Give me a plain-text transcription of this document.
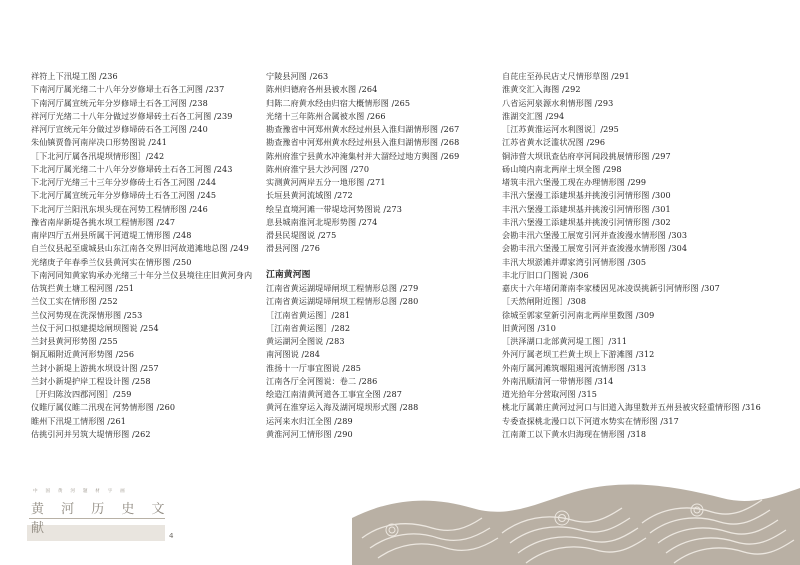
祥符上下汛堤工图 /236
下南河厅属光绪二十八年分岁修埽土石各工河图 /237
下南河厅属宣统元年分岁修埽土石各工河图 /238
祥河厅光绪二十八年分做过岁修埽砖土石各工河图 /239
祥河厅宣统元年分做过岁修埽砖石各工河图 /240
朱仙镇贾鲁河南岸决口形势图说 /241
［下北河厅属各汛堤坝情形图］/242
下北河厅属光绪二十八年分岁修埽砖土石各工河图 /243
下北河厅光绪三十三年分岁修砖土石各工河图 /244
下北河厅属宣统元年分岁修埽砖土石各工河图 /245
下北河厅兰阳汛东坝头现在河势工程情形图 /246
豫省南岸新堤各挑水坝工程情形图 /247
南岸四厅五州县所属干河道堤工情形图 /248
自兰仪县起至虞城县山东江南各交界旧河故道滩地总图 /249
光绪庚子年春季兰仪县黄河实在情形图 /250
下南河同知黄家钩承办光绪三十年分兰仪县境往庄旧黄河身内
估筑拦黄土塘工程河图 /251
兰仪工实在情形图 /252
兰仪河势现在洗深情形图 /253
兰仪于河口拟建提埝闸坝图说 /254
兰封县黄河形势图 /255
铜瓦厢附近黄河形势图 /256
兰封小新堤上游挑水坝设计图 /257
兰封小新堤护岸工程设计图 /258
［开归陈汝四郡河图］/259
仪睢厅属仪睢二汛现在河势情形图 /260
睢州下汛堤工情形图 /261
估挑引河并另筑大堤情形图 /262
宁陵县河图 /263
陈州归德府各州县被水图 /264
归陈二府黄水经由归宿大概情形图 /265
光绪十三年陈州合属被水图 /266
勘查豫省中河郑州黄水经过州县入淮归湖情形图 /267
勘查豫省中河郑州黄水经过州县入淮归湖情形图 /268
陈州府淮宁县黄水冲淹集村并大溜经过地方舆图 /269
陈州府淮宁县大沙河图 /270
实测黄河两岸五分一地形图 /271
长垣县黄河流域图 /272
绘呈直境河滩一带堤埝河势图说 /273
息县城南淮河北堤形势图 /274
滑县民堤图说 /275
滑县河图 /276
江南黄河图
江南省黄运湖堤埽闸坝工程情形总图 /279
江南省黄运湖堤埽闸坝工程情形总图 /280
［江南省黄运图］/281
［江南省黄运图］/282
黄运湖河全图说 /283
南河图说 /284
淮扬十一厅事宜图说 /285
江南各厅全河图说：卷二 /286
绘造江南清黄河道各工事宜全图 /287
黄河在淮穿运入海及湖河堤坝形式图 /288
运河来水归江全图 /289
黄淮河河工情形图 /290
自芘庄至孙民店丈尺情形草图 /291
淮黄交汇入海图 /292
八省运河泉源水利情形图 /293
淮湖交汇图 /294
［江苏黄淮运河水利图说］/295
江苏省黄水泛滥状况图 /296
铜沛营大坝讯查估府亭河间段挑展情形图 /297
砀山境内南北两岸土坝全图 /298
堵筑丰汛六堡漫工现在办理情形图 /299
丰汛六堡漫工添建坝基并挑浚引河情形图 /300
丰汛六堡漫工添建坝基并挑浚引河情形图 /301
丰汛六堡漫工添建坝基并挑浚引河情形图 /302
会勘丰汛六堡漫工展宽引河并查浚漫水情形图 /303
会勘丰汛六堡漫工展宽引河并查浚漫水情形图 /304
丰汛大坝淤滩并谭家湾引河情形图 /305
丰北厅旧口门图说 /306
嘉庆十六年堵闭萧南李家楼因见冰凌误挑新引河情形图 /307
［天然闸附近图］/308
徐城至郭家堂新引河南北两岸里数图 /309
旧黄河图 /310
［洪泽湖口北部黄河堤工图］/311
外河厅属老坝工拦黄土坝上下游滩图 /312
外南厅属河滩筑堰阻遏河流情形图 /313
外南汛顺清河一带情形图 /314
道光拾年分营取河图 /315
桃北厅属萧庄黄河过河口与旧道入海里数并五州县被灾轻重情形图 /316
专委查探桃北漫口以下河道水势实在情形图 /317
江南萧工以下黄水归海现在情形图 /318
中 国 黄 河 题 材 字 画
黄 河 历 史 文 献	4
